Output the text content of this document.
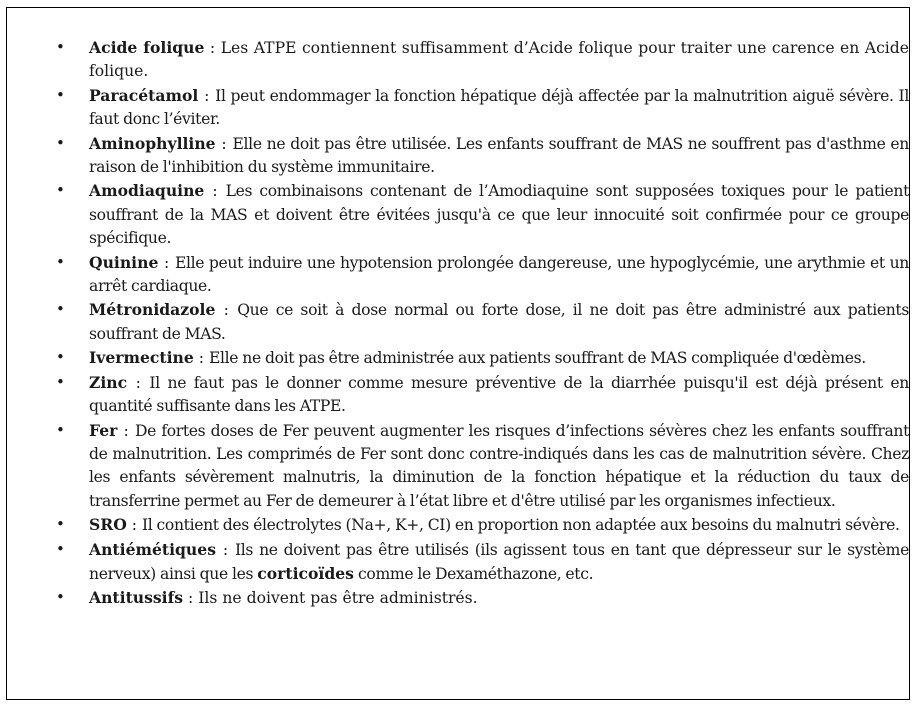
• Acide folique : Les ATPE contiennent suffisamment d’Acide folique pour traiter une carence en Acide folique.
• Paracétamol : Il peut endommager la fonction hépatique déjà affectée par la malnutrition aiguë sévère. Il faut donc l’éviter.
• Aminophylline : Elle ne doit pas être utilisée. Les enfants souffrant de MAS ne souffrent pas d'asthme en raison de l'inhibition du système immunitaire.
• Amodiaquine : Les combinaisons contenant de l’Amodiaquine sont supposées toxiques pour le patient souffrant de la MAS et doivent être évitées jusqu'à ce que leur innocuité soit confirmée pour ce groupe spécifique.
• Quinine : Elle peut induire une hypotension prolongée dangereuse, une hypoglycémie, une arythmie et un arrêt cardiaque.
• Métronidazole : Que ce soit à dose normal ou forte dose, il ne doit pas être administré aux patients souffrant de MAS.
• Ivermectine : Elle ne doit pas être administrée aux patients souffrant de MAS compliquée d'œdèmes.
• Zinc : Il ne faut pas le donner comme mesure préventive de la diarrhée puisqu'il est déjà présent en quantité suffisante dans les ATPE.
• Fer : De fortes doses de Fer peuvent augmenter les risques d’infections sévères chez les enfants souffrant de malnutrition. Les comprimés de Fer sont donc contre-indiqués dans les cas de malnutrition sévère. Chez les enfants sévèrement malnutris, la diminution de la fonction hépatique et la réduction du taux de transferrine permet au Fer de demeurer à l’état libre et d'être utilisé par les organismes infectieux.
• SRO : Il contient des électrolytes (Na+, K+, CI) en proportion non adaptée aux besoins du malnutri sévère.
• Antiémétiques : Ils ne doivent pas être utilisés (ils agissent tous en tant que dépresseur sur le système nerveux) ainsi que les corticoïdes comme le Dexaméthazone, etc.
• Antitussifs : Ils ne doivent pas être administrés.
